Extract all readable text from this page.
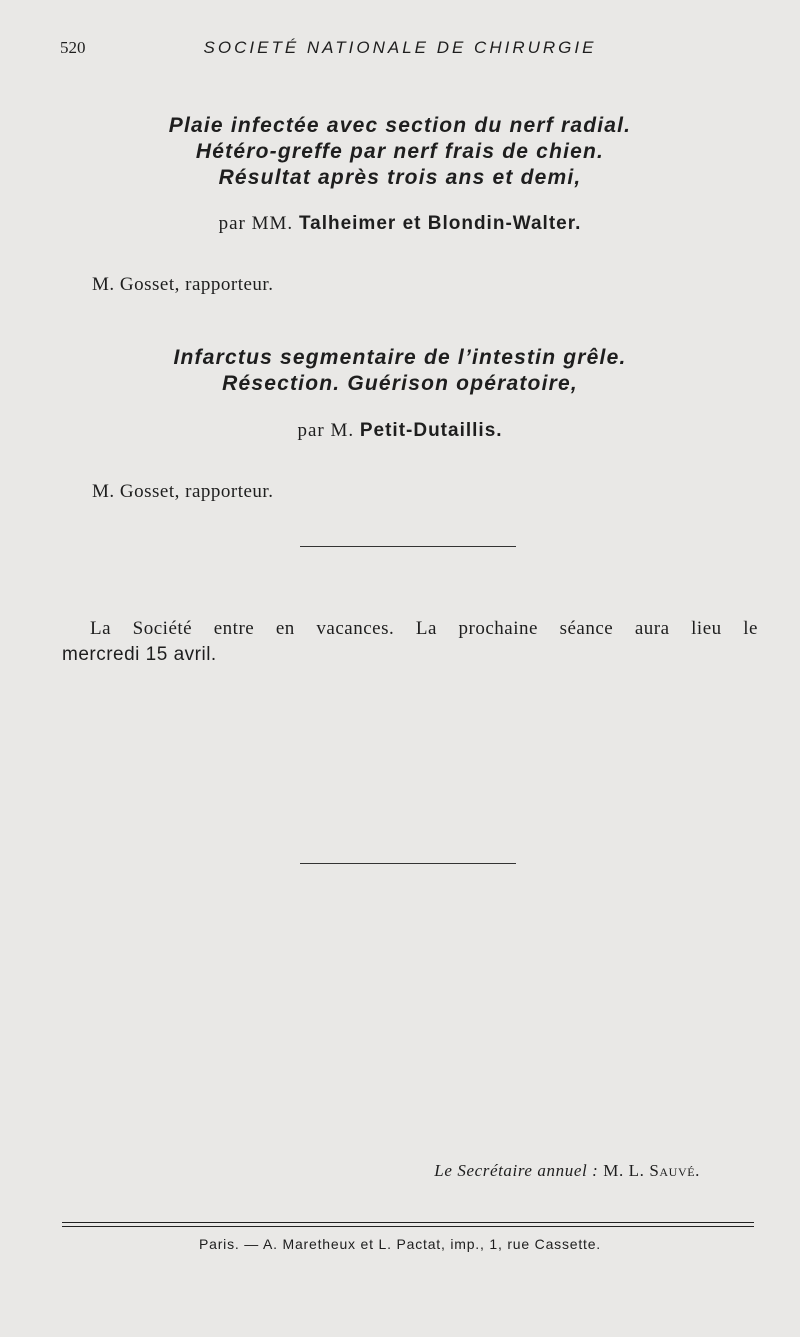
520	SOCIETÉ NATIONALE DE CHIRURGIE
Plaie infectée avec section du nerf radial.
Hétéro-greffe par nerf frais de chien.
Résultat après trois ans et demi,
par MM. Talheimer et Blondin-Walter.
M. Gosset, rapporteur.
Infarctus segmentaire de l’intestin grêle.
Résection. Guérison opératoire,
par M. Petit-Dutaillis.
M. Gosset, rapporteur.
La Société entre en vacances. La prochaine séance aura lieu le
mercredi 15 avril.
Le Secrétaire annuel : M. L. Sauvé.
Paris. — A. Maretheux et L. Pactat, imp., 1, rue Cassette.
